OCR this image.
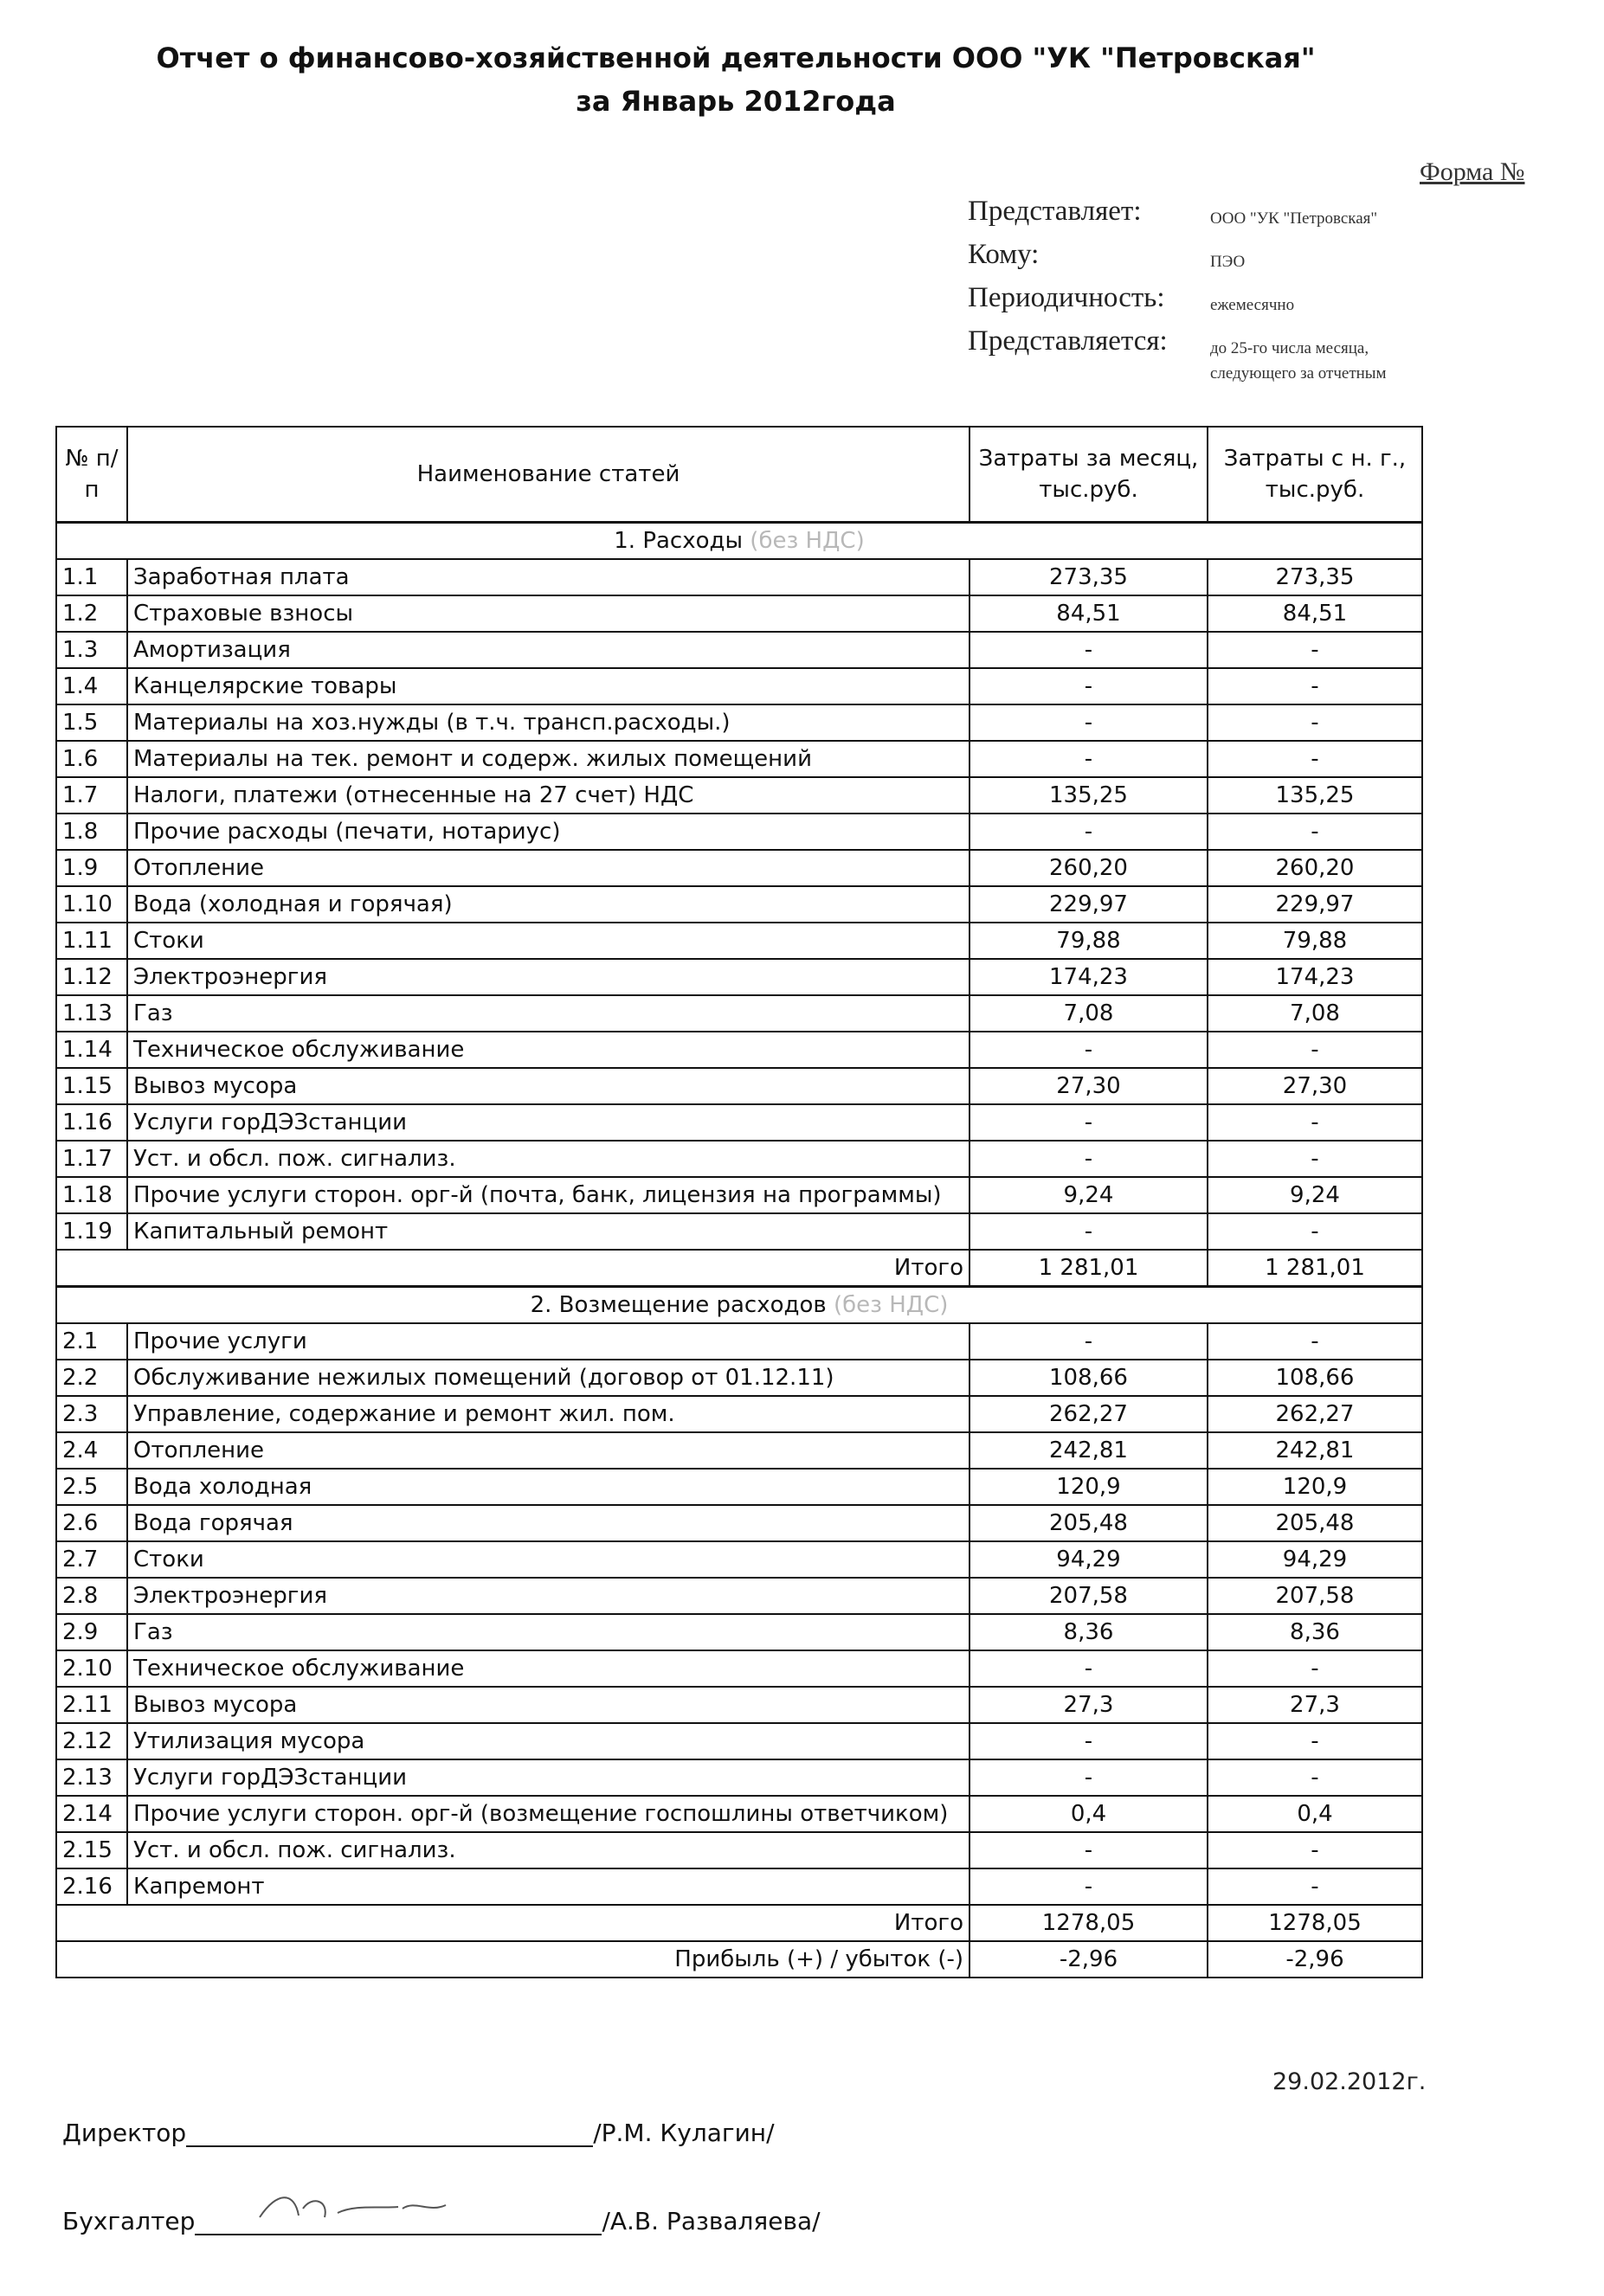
Отчет о финансово-хозяйственной деятельности ООО "УК "Петровская"
за Январь 2012года
Форма №
Представляет:	ООО "УК "Петровская"
Кому:	ПЭО
Периодичность:	ежемесячно
Представляется:	до 25-го числа месяца, следующего за отчетным
№ п/п	Наименование статей	Затраты за месяц, тыс.руб.	Затраты с н. г., тыс.руб.
1. Расходы (без НДС)			
1.1	Заработная плата	273,35	273,35
1.2	Страховые взносы	84,51	84,51
1.3	Амортизация	-	-
1.4	Канцелярские товары	-	-
1.5	Материалы на хоз.нужды (в т.ч. трансп.расходы.)	-	-
1.6	Материалы на тек. ремонт и содерж. жилых помещений	-	-
1.7	Налоги, платежи (отнесенные на 27 счет) НДС	135,25	135,25
1.8	Прочие расходы (печати, нотариус)	-	-
1.9	Отопление	260,20	260,20
1.10	Вода (холодная и горячая)	229,97	229,97
1.11	Стоки	79,88	79,88
1.12	Электроэнергия	174,23	174,23
1.13	Газ	7,08	7,08
1.14	Техническое обслуживание	-	-
1.15	Вывоз мусора	27,30	27,30
1.16	Услуги горДЭЗстанции	-	-
1.17	Уст. и обсл. пож. сигнализ.	-	-
1.18	Прочие услуги сторон. орг-й (почта, банк, лицензия на программы)	9,24	9,24
1.19	Капитальный ремонт	-	-
Итого		1 281,01	1 281,01
2. Возмещение расходов (без НДС)			
2.1	Прочие услуги	-	-
2.2	Обслуживание нежилых помещений (договор от 01.12.11)	108,66	108,66
2.3	Управление, содержание и ремонт жил. пом.	262,27	262,27
2.4	Отопление	242,81	242,81
2.5	Вода холодная	120,9	120,9
2.6	Вода горячая	205,48	205,48
2.7	Стоки	94,29	94,29
2.8	Электроэнергия	207,58	207,58
2.9	Газ	8,36	8,36
2.10	Техническое обслуживание	-	-
2.11	Вывоз мусора	27,3	27,3
2.12	Утилизация мусора	-	-
2.13	Услуги горДЭЗстанции	-	-
2.14	Прочие услуги сторон. орг-й (возмещение госпошлины ответчиком)	0,4	0,4
2.15	Уст. и обсл. пож. сигнализ.	-	-
2.16	Капремонт	-	-
Итого		1278,05	1278,05
Прибыль (+) / убыток (-)		-2,96	-2,96
29.02.2012г.
Директор	/Р.М. Кулагин/
Бухгалтер	/А.В. Разваляева/
